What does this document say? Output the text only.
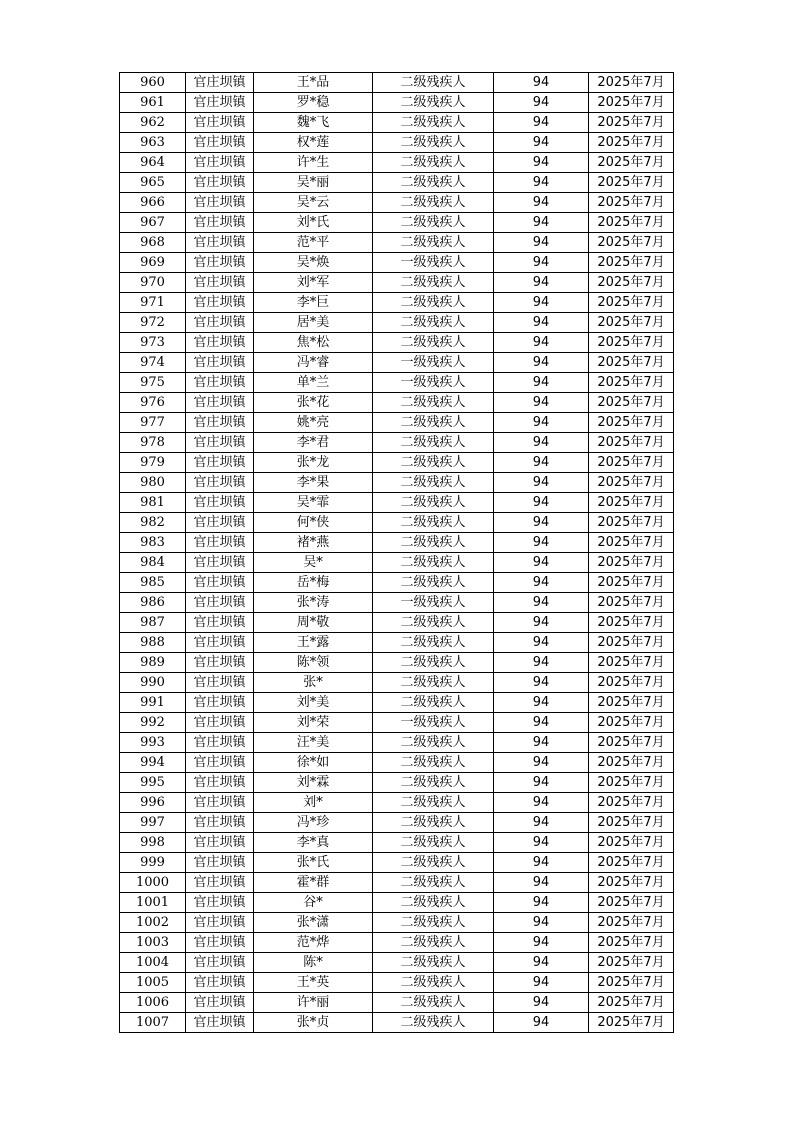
960	官庄坝镇	王*品	二级残疾人	94	2025年7月
961	官庄坝镇	罗*稳	二级残疾人	94	2025年7月
962	官庄坝镇	魏*飞	二级残疾人	94	2025年7月
963	官庄坝镇	权*莲	二级残疾人	94	2025年7月
964	官庄坝镇	许*生	二级残疾人	94	2025年7月
965	官庄坝镇	吴*丽	二级残疾人	94	2025年7月
966	官庄坝镇	吴*云	二级残疾人	94	2025年7月
967	官庄坝镇	刘*氏	二级残疾人	94	2025年7月
968	官庄坝镇	范*平	二级残疾人	94	2025年7月
969	官庄坝镇	吴*焕	一级残疾人	94	2025年7月
970	官庄坝镇	刘*军	二级残疾人	94	2025年7月
971	官庄坝镇	李*巨	二级残疾人	94	2025年7月
972	官庄坝镇	居*美	二级残疾人	94	2025年7月
973	官庄坝镇	焦*松	二级残疾人	94	2025年7月
974	官庄坝镇	冯*睿	一级残疾人	94	2025年7月
975	官庄坝镇	单*兰	一级残疾人	94	2025年7月
976	官庄坝镇	张*花	二级残疾人	94	2025年7月
977	官庄坝镇	姚*亮	二级残疾人	94	2025年7月
978	官庄坝镇	李*君	二级残疾人	94	2025年7月
979	官庄坝镇	张*龙	二级残疾人	94	2025年7月
980	官庄坝镇	李*果	二级残疾人	94	2025年7月
981	官庄坝镇	吴*霏	二级残疾人	94	2025年7月
982	官庄坝镇	何*侠	二级残疾人	94	2025年7月
983	官庄坝镇	褚*燕	二级残疾人	94	2025年7月
984	官庄坝镇	吴*	二级残疾人	94	2025年7月
985	官庄坝镇	岳*梅	二级残疾人	94	2025年7月
986	官庄坝镇	张*涛	一级残疾人	94	2025年7月
987	官庄坝镇	周*敬	二级残疾人	94	2025年7月
988	官庄坝镇	王*露	二级残疾人	94	2025年7月
989	官庄坝镇	陈*领	二级残疾人	94	2025年7月
990	官庄坝镇	张*	二级残疾人	94	2025年7月
991	官庄坝镇	刘*美	二级残疾人	94	2025年7月
992	官庄坝镇	刘*荣	一级残疾人	94	2025年7月
993	官庄坝镇	汪*美	二级残疾人	94	2025年7月
994	官庄坝镇	徐*如	二级残疾人	94	2025年7月
995	官庄坝镇	刘*霖	二级残疾人	94	2025年7月
996	官庄坝镇	刘*	二级残疾人	94	2025年7月
997	官庄坝镇	冯*珍	二级残疾人	94	2025年7月
998	官庄坝镇	李*真	二级残疾人	94	2025年7月
999	官庄坝镇	张*氏	二级残疾人	94	2025年7月
1000	官庄坝镇	霍*群	二级残疾人	94	2025年7月
1001	官庄坝镇	谷*	二级残疾人	94	2025年7月
1002	官庄坝镇	张*潇	二级残疾人	94	2025年7月
1003	官庄坝镇	范*烨	二级残疾人	94	2025年7月
1004	官庄坝镇	陈*	二级残疾人	94	2025年7月
1005	官庄坝镇	王*英	二级残疾人	94	2025年7月
1006	官庄坝镇	许*丽	二级残疾人	94	2025年7月
1007	官庄坝镇	张*贞	二级残疾人	94	2025年7月
